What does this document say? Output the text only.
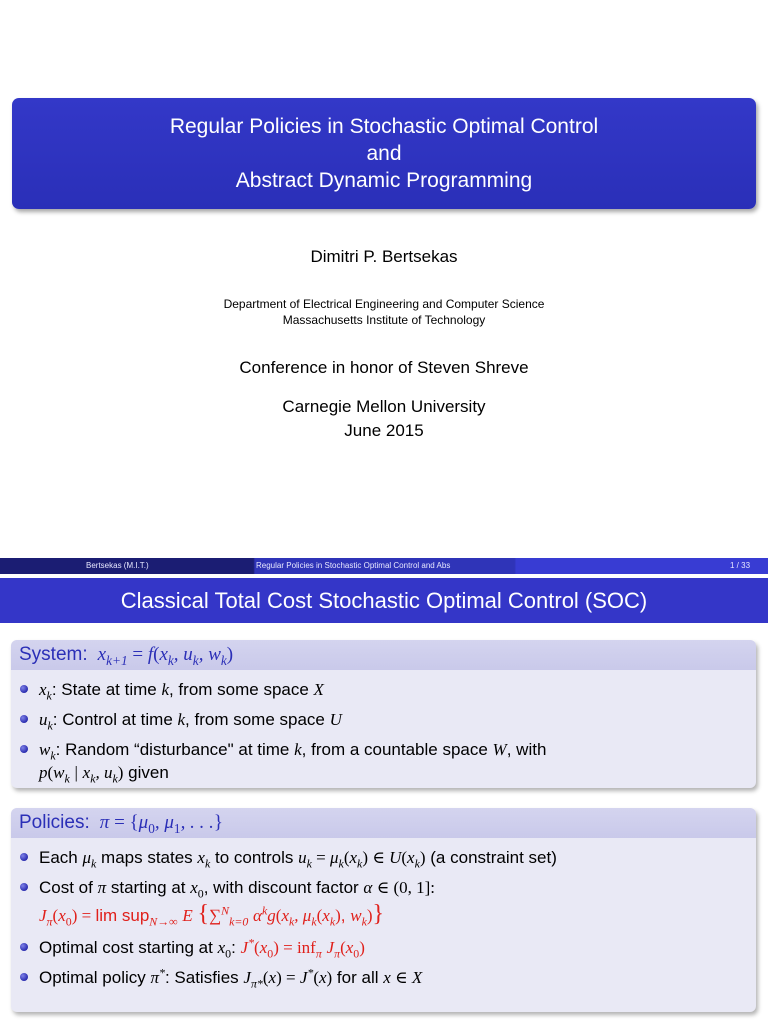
Regular Policies in Stochastic Optimal Control
and
Abstract Dynamic Programming
Dimitri P. Bertsekas
Department of Electrical Engineering and Computer Science
Massachusetts Institute of Technology
Conference in honor of Steven Shreve
Carnegie Mellon University
June 2015
Bertsekas (M.I.T.)	Regular Policies in Stochastic Optimal Control and Abs	1 / 33
Classical Total Cost Stochastic Optimal Control (SOC)
System:  $x_{k+1} = f(x_k$, $u_k$, $w_k$)
$x_k$: State at time k, from some space X
$u_k$: Control at time k, from some space U
$w_k$: Random “disturbance" at time k, from a countable space W, with
$p(w_k$ | $x_k$, $u_k$) given
Policies:  $\pi = \{\mu_0$, $\mu_1$, . . .}
Each $\mu_k$ maps states $x_k$ to controls $u_k = \mu_k(x_k)$ ∈ $U(x_k)$ (a constraint set)
Cost of π starting at $x_0$, with discount factor α ∈ (0, 1]:
$J_\pi(x_0) = \lim sup_{N\to\infty}$ E {∑$^N_{k=0}$ $\alpha^kg(x_k$, $\mu_k(x_k)$, $w_k$)}
Optimal cost starting at $x_0$: $J^*(x_0) = inf_\pi$ $J_\pi(x_0)$
Optimal policy π*: Satisfies $J_{\pi*}(x) = J^*(x)$ for all x ∈ X
